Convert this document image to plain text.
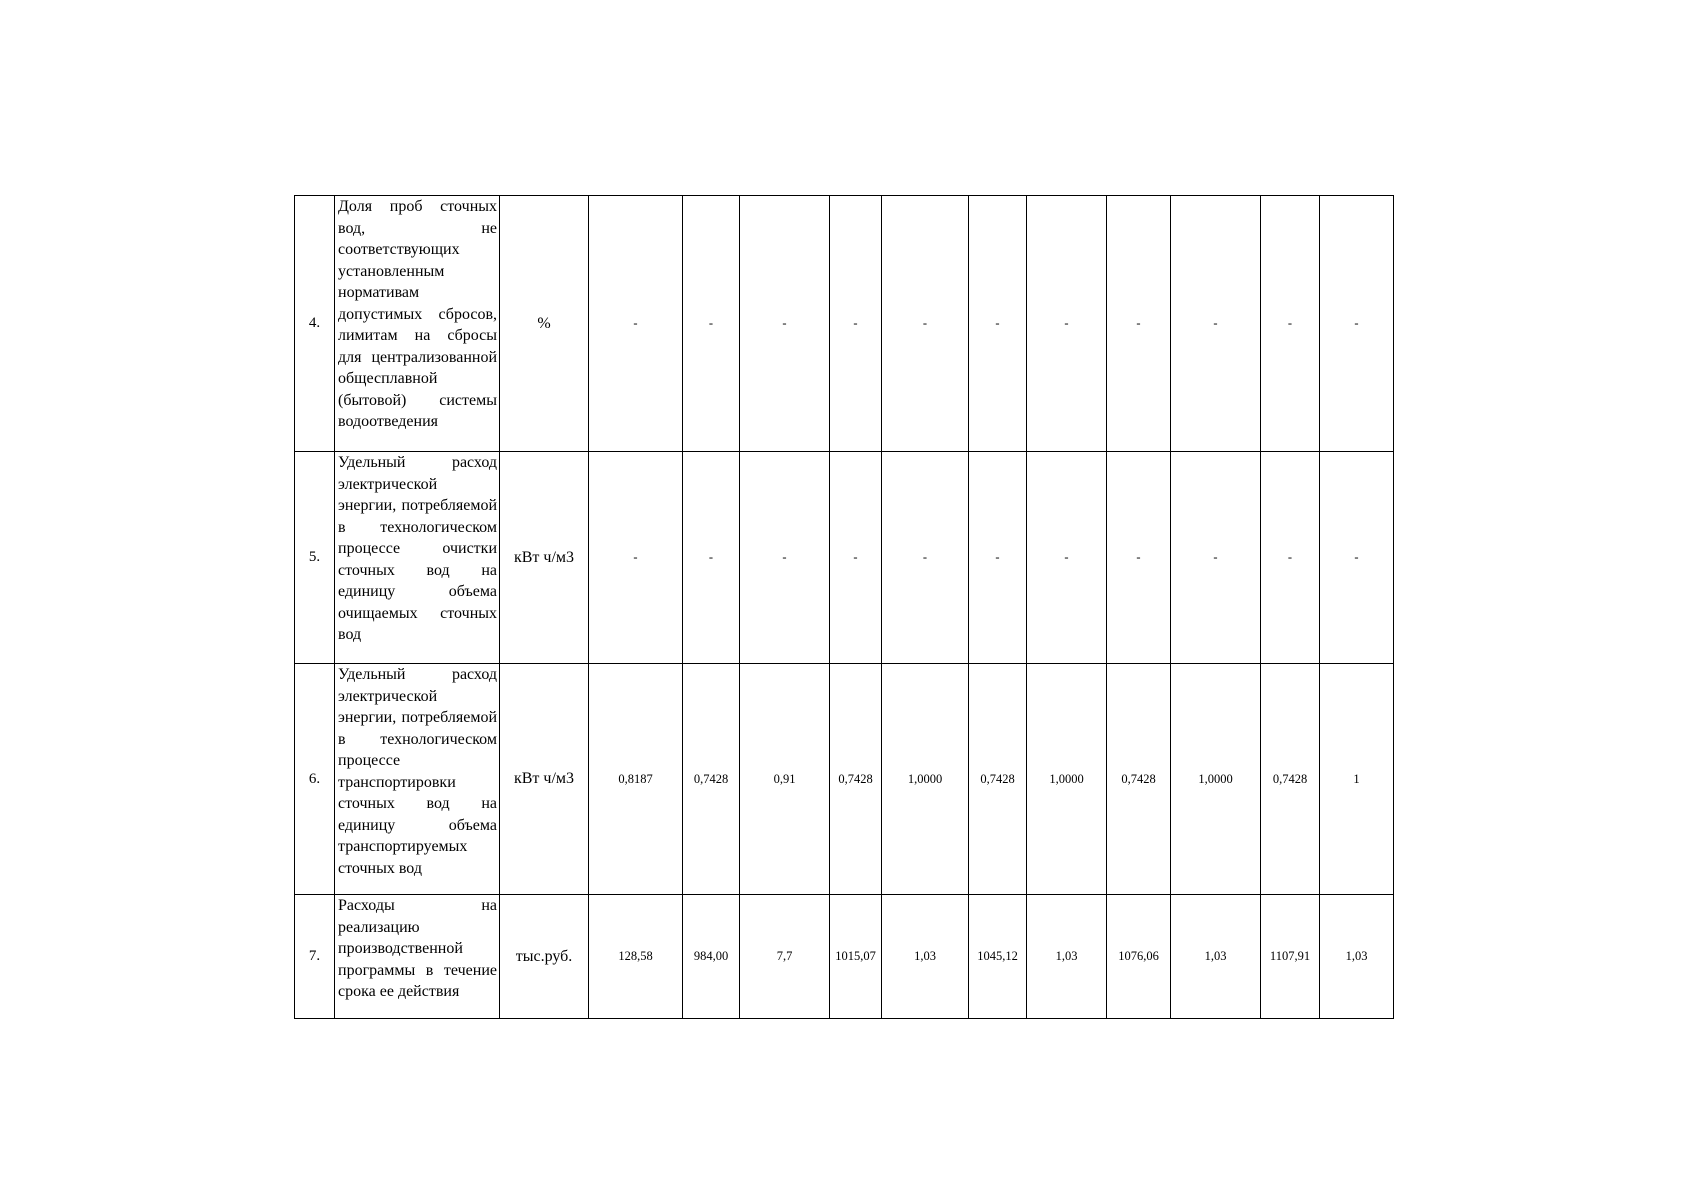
4.	Доля проб сточных вод, не соответствующих установленным нормативам допустимых сбросов, лимитам на сбросы для централизованной общесплавной (бытовой) системы водоотведения	%	-	-	-	-	-	-	-	-	-	-	-
5.	Удельный расход электрической энергии, потребляемой в технологическом процессе очистки сточных вод на единицу объема очищаемых сточных вод	кВт ч/м3	-	-	-	-	-	-	-	-	-	-	-
6.	Удельный расход электрической энергии, потребляемой в технологическом процессе транспортировки сточных вод на единицу объема транспортируемых сточных вод	кВт ч/м3	0,8187	0,7428	0,91	0,7428	1,0000	0,7428	1,0000	0,7428	1,0000	0,7428	1
7.	Расходы на реализацию производственной программы в течение срока ее действия	тыс.руб.	128,58	984,00	7,7	1015,07	1,03	1045,12	1,03	1076,06	1,03	1107,91	1,03
